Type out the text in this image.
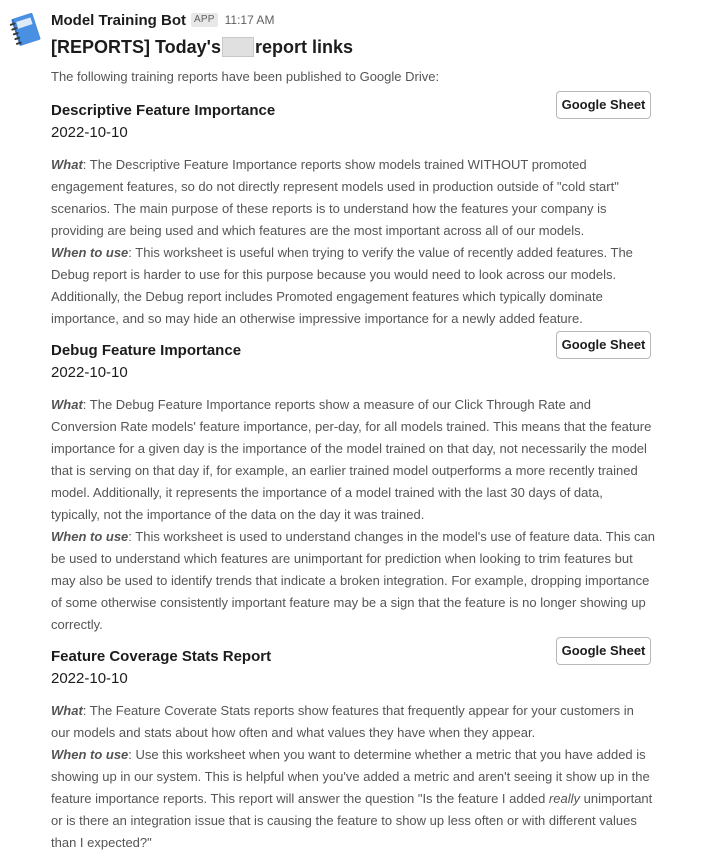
Model Training Bot APP 11:17 AM
[REPORTS] Today's report links
The following training reports have been published to Google Drive:
Descriptive Feature Importance
2022-10-10
Google Sheet

What: The Descriptive Feature Importance reports show models trained WITHOUT promoted engagement features, so do not directly represent models used in production outside of "cold start" scenarios. The main purpose of these reports is to understand how the features your company is providing are being used and which features are the most important across all of our models.

When to use: This worksheet is useful when trying to verify the value of recently added features. The Debug report is harder to use for this purpose because you would need to look across our models. Additionally, the Debug report includes Promoted engagement features which typically dominate importance, and so may hide an otherwise impressive importance for a newly added feature.

Debug Feature Importance
2022-10-10
Google Sheet

What: The Debug Feature Importance reports show a measure of our Click Through Rate and Conversion Rate models' feature importance, per-day, for all models trained. This means that the feature importance for a given day is the importance of the model trained on that day, not necessarily the model that is serving on that day if, for example, an earlier trained model outperforms a more recently trained model. Additionally, it represents the importance of a model trained with the last 30 days of data, typically, not the importance of the data on the day it was trained.

When to use: This worksheet is used to understand changes in the model's use of feature data. This can be used to understand which features are unimportant for prediction when looking to trim features but may also be used to identify trends that indicate a broken integration. For example, dropping importance of some otherwise consistently important feature may be a sign that the feature is no longer showing up correctly.

Feature Coverage Stats Report
2022-10-10
Google Sheet

What: The Feature Coverate Stats reports show features that frequently appear for your customers in our models and stats about how often and what values they have when they appear.

When to use: Use this worksheet when you want to determine whether a metric that you have added is showing up in our system. This is helpful when you've added a metric and aren't seeing it show up in the feature importance reports. This report will answer the question "Is the feature I added really unimportant or is there an integration issue that is causing the feature to show up less often or with different values than I expected?"
